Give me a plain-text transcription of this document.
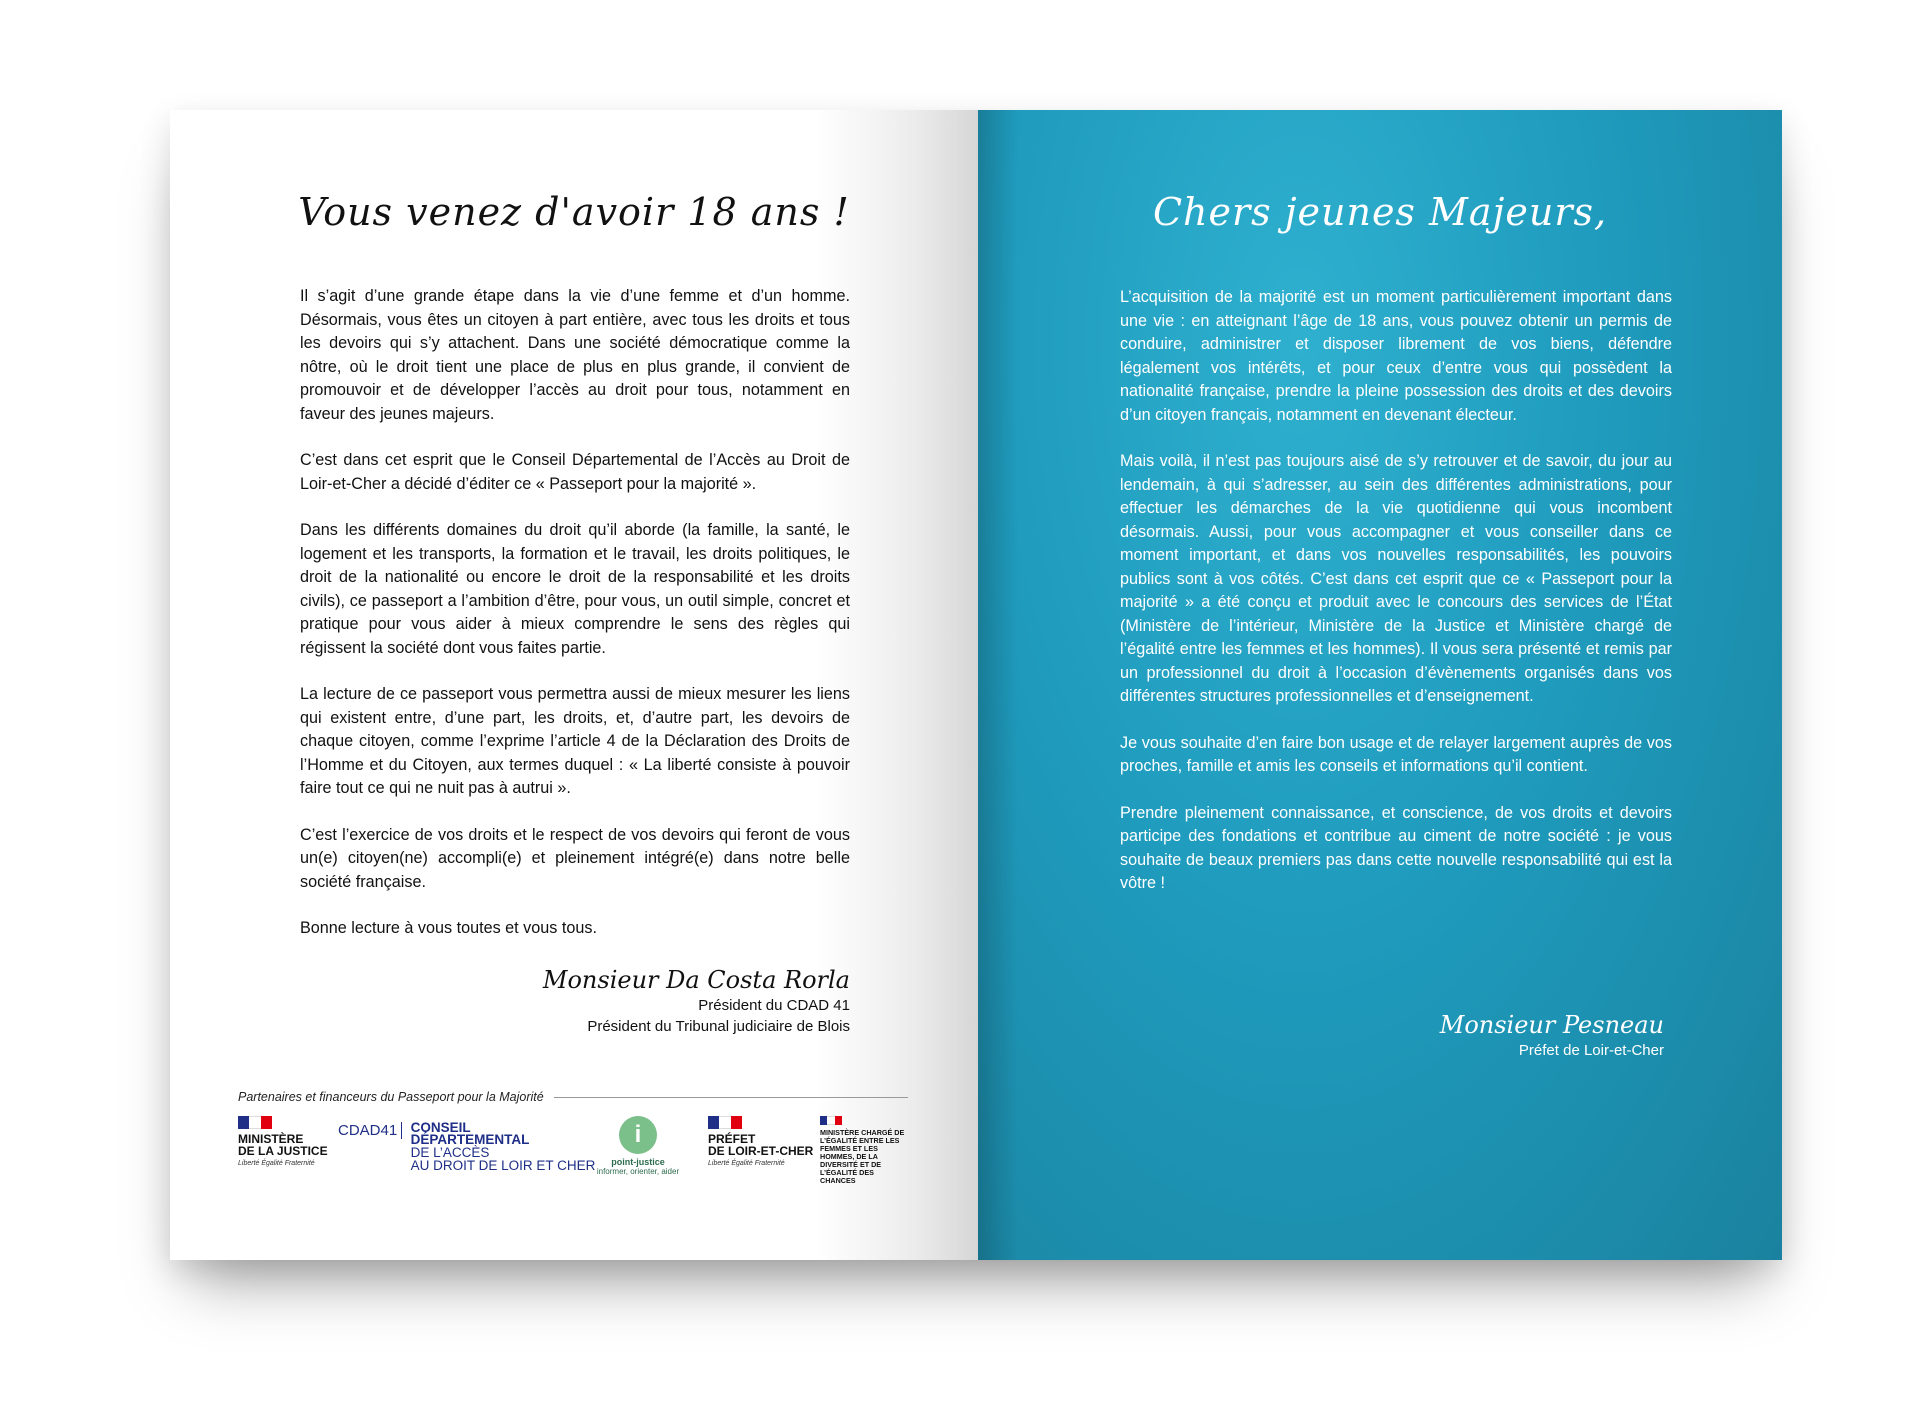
Vous venez d'avoir 18 ans !

Il s’agit d’une grande étape dans la vie d’une femme et d’un homme. Désormais, vous êtes un citoyen à part entière, avec tous les droits et tous les devoirs qui s’y attachent. Dans une société démocratique comme la nôtre, où le droit tient une place de plus en plus grande, il convient de promouvoir et de développer l’accès au droit pour tous, notamment en faveur des jeunes majeurs.

C’est dans cet esprit que le Conseil Départemental de l’Accès au Droit de Loir-et-Cher a décidé d’éditer ce « Passeport pour la majorité ».

Dans les différents domaines du droit qu’il aborde (la famille, la santé, le logement et les transports, la formation et le travail, les droits politiques, le droit de la nationalité ou encore le droit de la responsabilité et les droits civils), ce passeport a l’ambition d’être, pour vous, un outil simple, concret et pratique pour vous aider à mieux comprendre le sens des règles qui régissent la société dont vous faites partie.

La lecture de ce passeport vous permettra aussi de mieux mesurer les liens qui existent entre, d’une part, les droits, et, d’autre part, les devoirs de chaque citoyen, comme l’exprime l’article 4 de la Déclaration des Droits de l’Homme et du Citoyen, aux termes duquel : « La liberté consiste à pouvoir faire tout ce qui ne nuit pas à autrui ».

C’est l’exercice de vos droits et le respect de vos devoirs qui feront de vous un(e) citoyen(ne) accompli(e) et pleinement intégré(e) dans notre belle société française.

Bonne lecture à vous toutes et vous tous.

Monsieur Da Costa Rorla
Président du CDAD 41
Président du Tribunal judiciaire de Blois
Partenaires et financeurs du Passeport pour la Majorité
MINISTÈRE
DE LA JUSTICE
Liberté Égalité Fraternité
CDAD41 CONSEIL
DÉPARTEMENTAL
DE L’ACCÈS
AU DROIT DE LOIR ET CHER
i
point-justice
informer, orienter, aider
PRÉFET
DE LOIR-ET-CHER
Liberté Égalité Fraternité
MINISTÈRE CHARGÉ DE L’ÉGALITÉ ENTRE LES FEMMES ET LES HOMMES, DE LA DIVERSITÉ ET DE L’ÉGALITÉ DES CHANCES
Chers jeunes Majeurs,

L’acquisition de la majorité est un moment particulièrement important dans une vie : en atteignant l’âge de 18 ans, vous pouvez obtenir un permis de conduire, administrer et disposer librement de vos biens, défendre légalement vos intérêts, et pour ceux d’entre vous qui possèdent la nationalité française, prendre la pleine possession des droits et des devoirs d’un citoyen français, notamment en devenant électeur.

Mais voilà, il n’est pas toujours aisé de s’y retrouver et de savoir, du jour au lendemain, à qui s’adresser, au sein des différentes administrations, pour effectuer les démarches de la vie quotidienne qui vous incombent désormais. Aussi, pour vous accompagner et vous conseiller dans ce moment important, et dans vos nouvelles responsabilités, les pouvoirs publics sont à vos côtés. C’est dans cet esprit que ce « Passeport pour la majorité » a été conçu et produit avec le concours des services de l’État (Ministère de l’intérieur, Ministère de la Justice et Ministère chargé de l’égalité entre les femmes et les hommes). Il vous sera présenté et remis par un professionnel du droit à l’occasion d’évènements organisés dans vos différentes structures professionnelles et d’enseignement.

Je vous souhaite d’en faire bon usage et de relayer largement auprès de vos proches, famille et amis les conseils et informations qu’il contient.

Prendre pleinement connaissance, et conscience, de vos droits et devoirs participe des fondations et contribue au ciment de notre société : je vous souhaite de beaux premiers pas dans cette nouvelle responsabilité qui est la vôtre !

Monsieur Pesneau
Préfet de Loir-et-Cher
